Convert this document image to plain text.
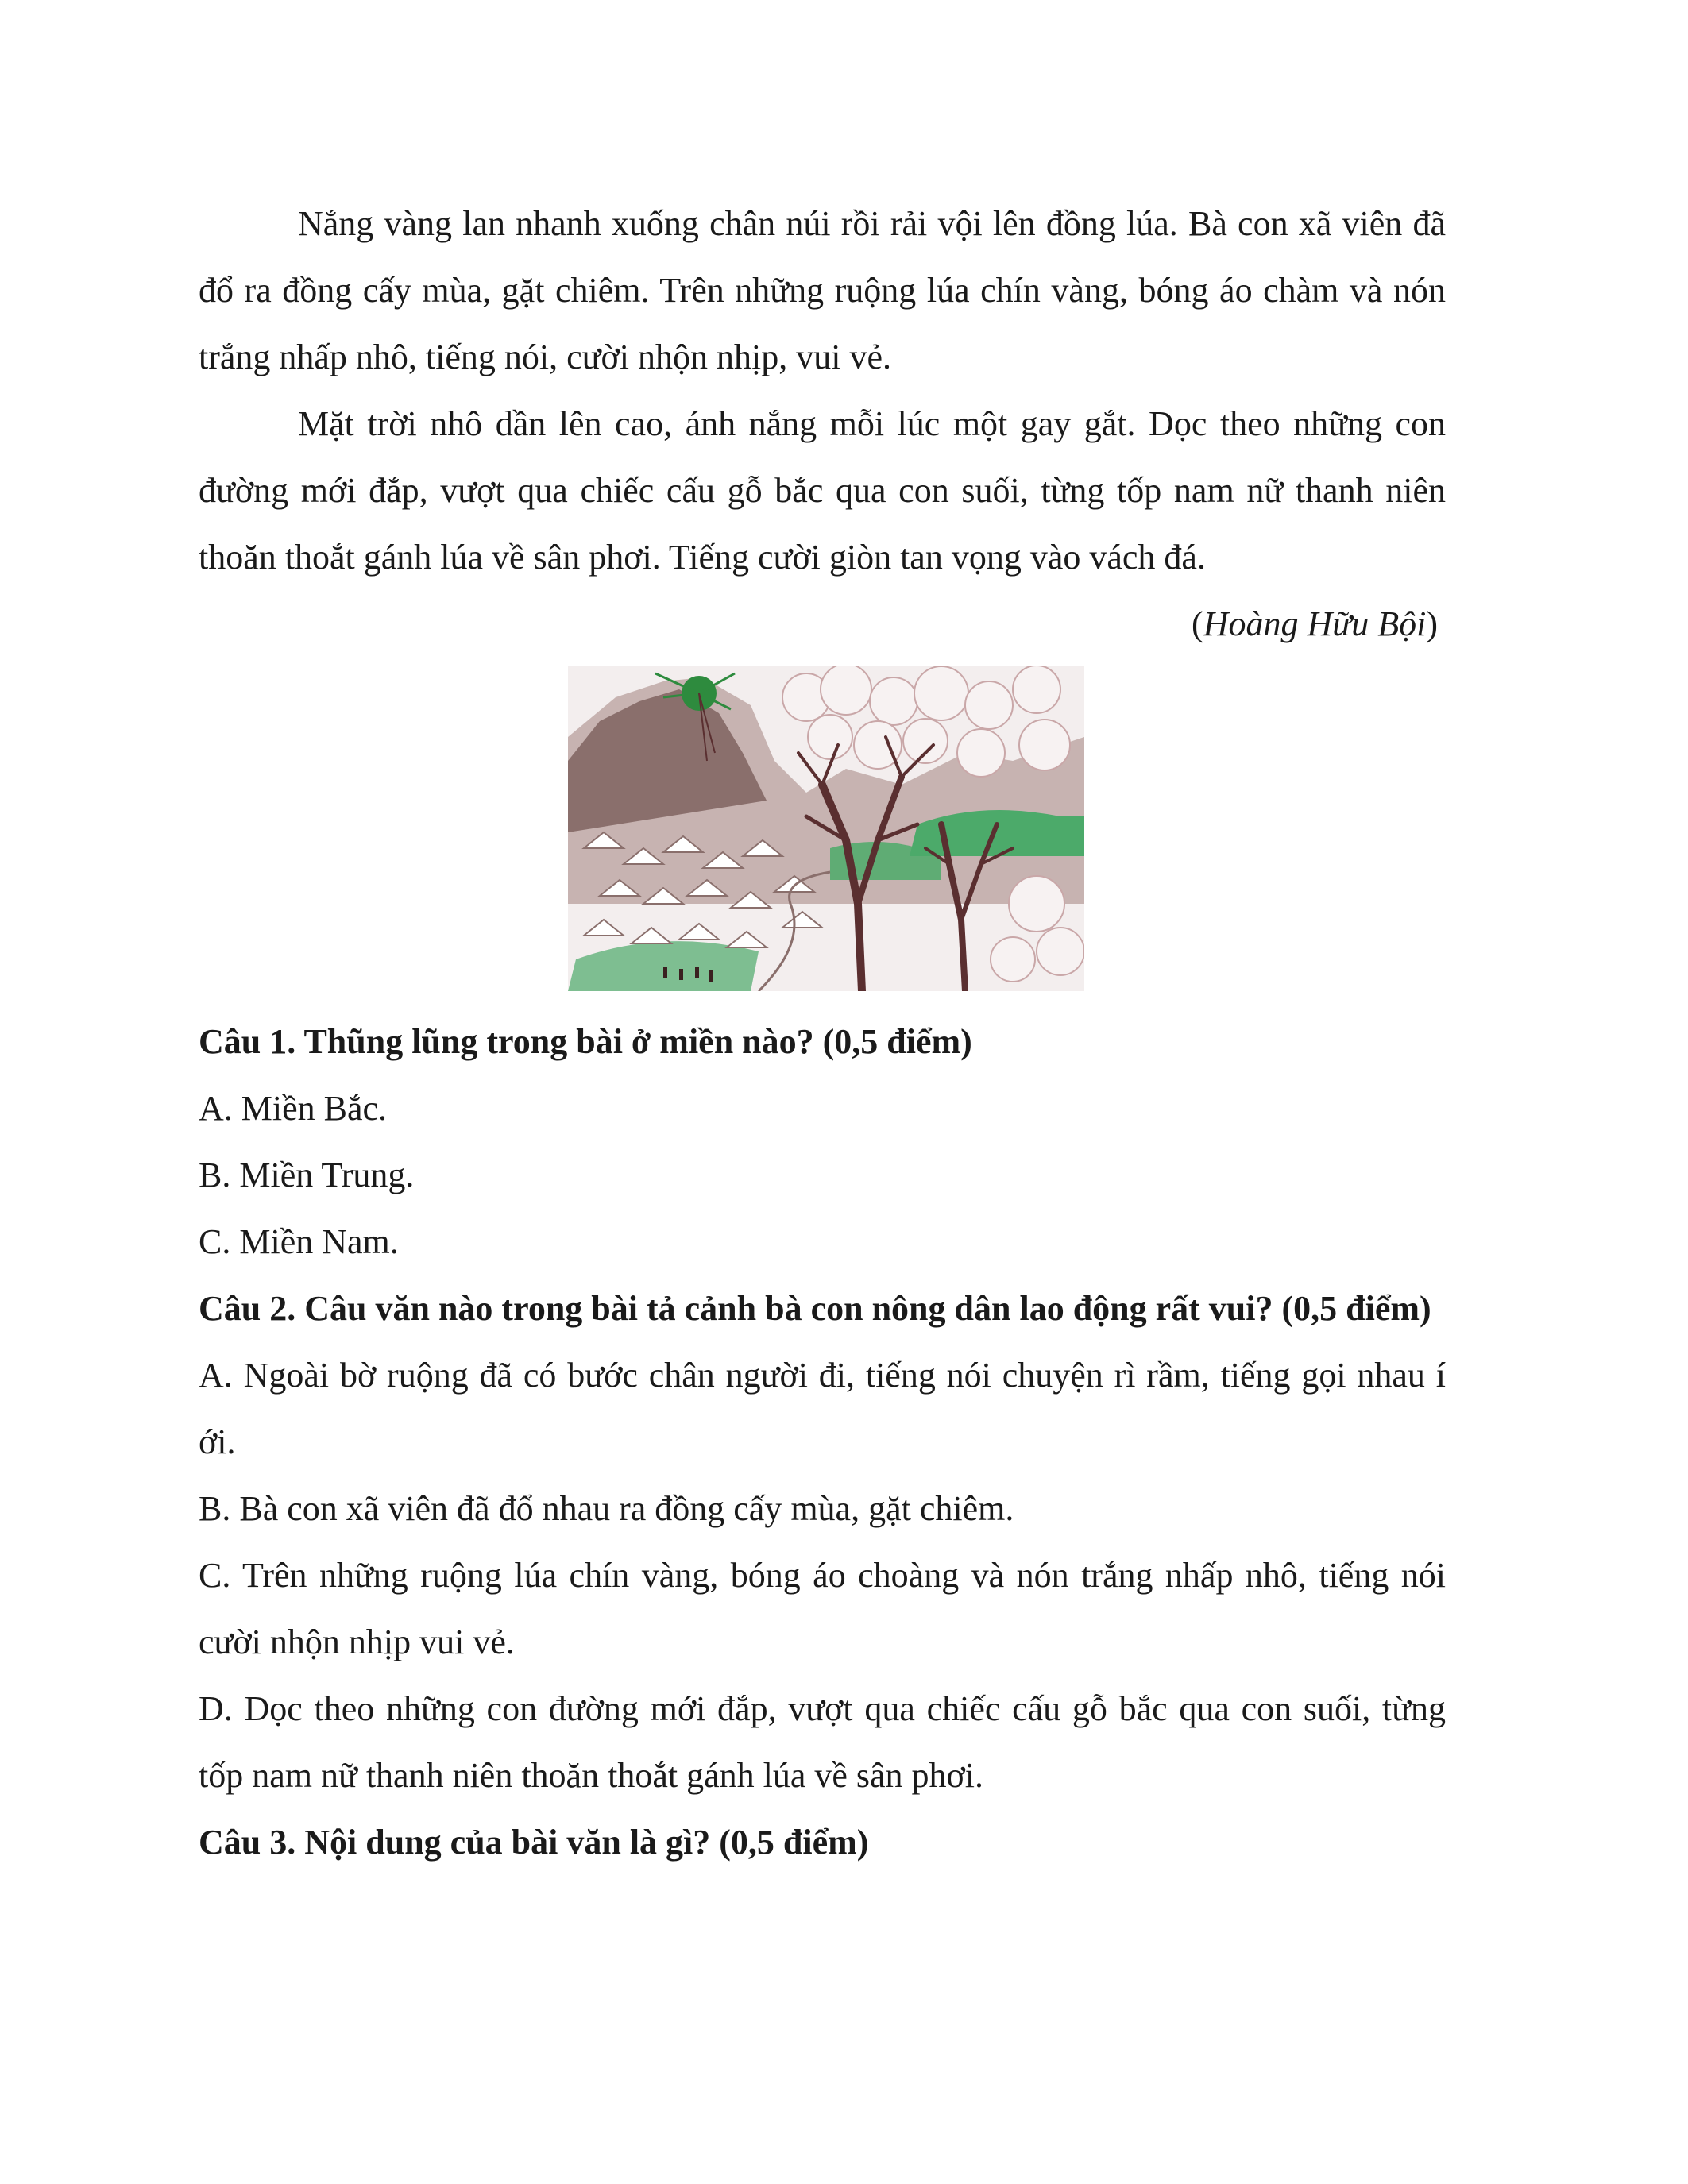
Nắng vàng lan nhanh xuống chân núi rồi rải vội lên đồng lúa. Bà con xã viên đã đổ ra đồng cấy mùa, gặt chiêm. Trên những ruộng lúa chín vàng, bóng áo chàm và nón trắng nhấp nhô, tiếng nói, cười nhộn nhịp, vui vẻ.

Mặt trời nhô dần lên cao, ánh nắng mỗi lúc một gay gắt. Dọc theo những con đường mới đắp, vượt qua chiếc cấu gỗ bắc qua con suối, từng tốp nam nữ thanh niên thoăn thoắt gánh lúa về sân phơi. Tiếng cười giòn tan vọng vào vách đá.

(Hoàng Hữu Bội)

Câu 1. Thũng lũng trong bài ở miền nào? (0,5 điểm)

A. Miền Bắc.

B. Miền Trung.

C. Miền Nam.

Câu 2. Câu văn nào trong bài tả cảnh bà con nông dân lao động rất vui? (0,5 điểm)

A. Ngoài bờ ruộng đã có bước chân người đi, tiếng nói chuyện rì rầm, tiếng gọi nhau í ới.

B. Bà con xã viên đã đổ nhau ra đồng cấy mùa, gặt chiêm.

C. Trên những ruộng lúa chín vàng, bóng áo choàng và nón trắng nhấp nhô, tiếng nói cười nhộn nhịp vui vẻ.

D. Dọc theo những con đường mới đắp, vượt qua chiếc cấu gỗ bắc qua con suối, từng tốp nam nữ thanh niên thoăn thoắt gánh lúa về sân phơi.

Câu 3. Nội dung của bài văn là gì? (0,5 điểm)
